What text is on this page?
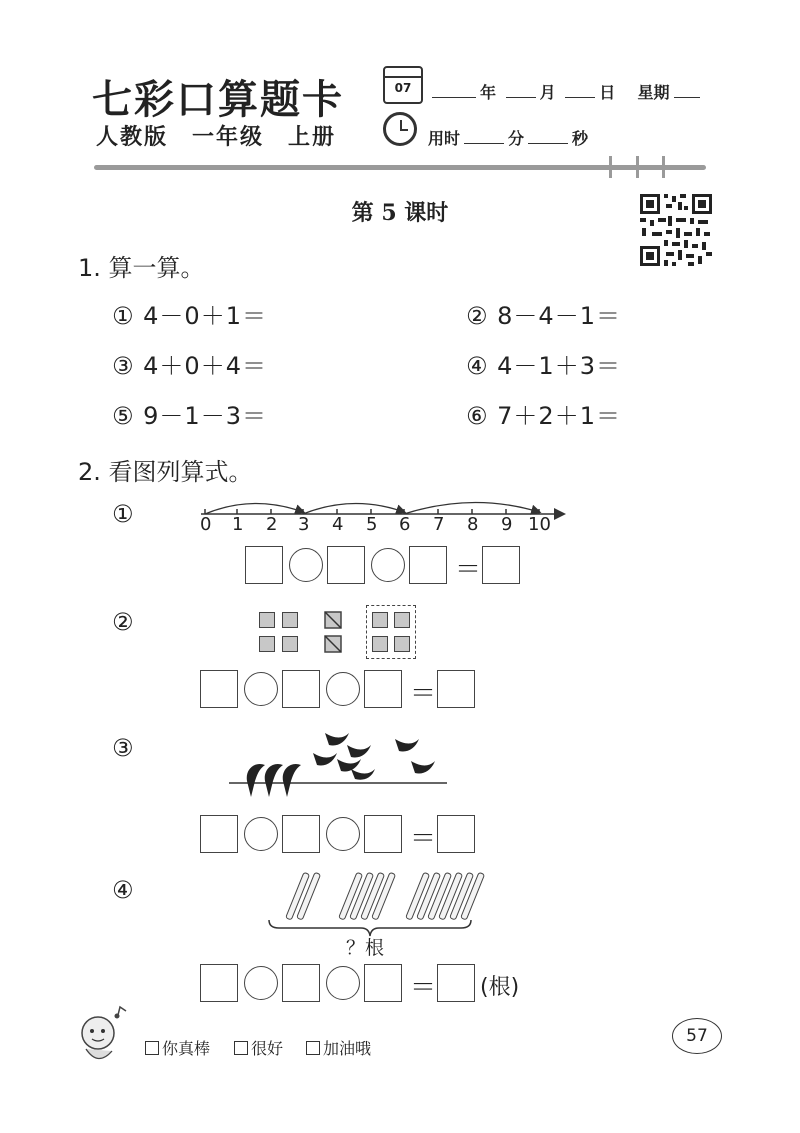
七彩口算题卡
人教版　一年级　上册
07	年	月	日 星期
用时	分	秒
第 5 课时
1. 算一算。
① 4－0＋1＝	② 8－4－1＝
③ 4＋0＋4＝	④ 4－1＋3＝
⑤ 9－1－3＝	⑥ 7＋2＋1＝
2. 看图列算式。
①	0 1 2 3 4 5 6 7 8 9 10
＝
②
＝
③
＝
④
？根
＝ (根)
你真棒	很好	加油哦
57
